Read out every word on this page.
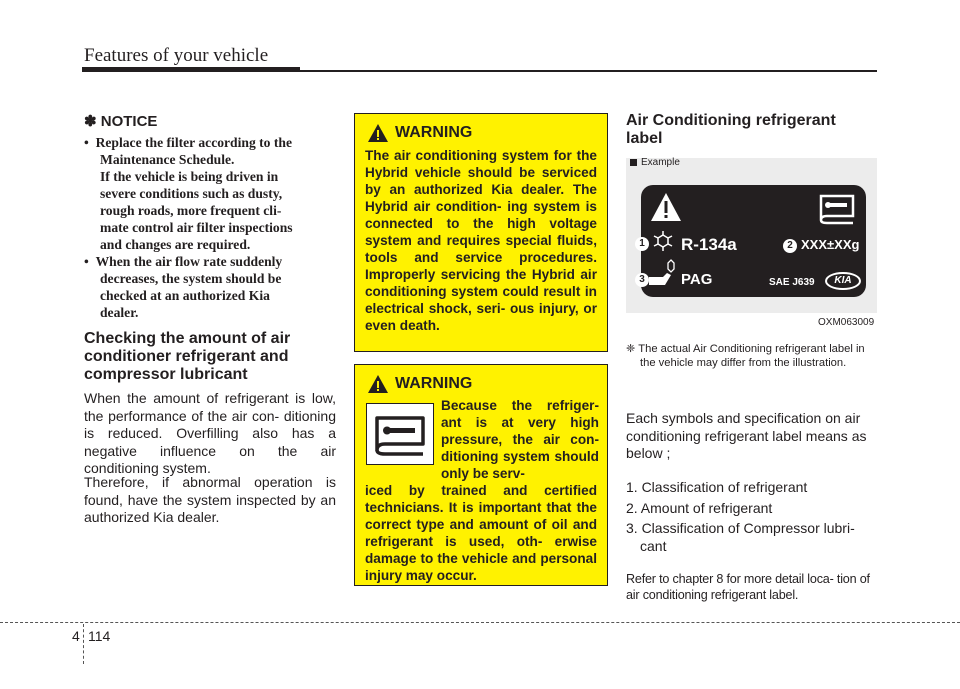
Features of your vehicle
✽ NOTICE
• Replace the filter according to the
Maintenance Schedule.
If the vehicle is being driven in
severe conditions such as dusty,
rough roads, more frequent cli-
mate control air filter inspections
and changes are required.
• When the air flow rate suddenly
decreases, the system should be
checked at an authorized Kia
dealer.
Checking the amount of air conditioner refrigerant and compressor lubricant

When the amount of refrigerant is low, the performance of the air con- ditioning is reduced. Overfilling also has a negative influence on the air conditioning system.

Therefore, if abnormal operation is found, have the system inspected by an authorized Kia dealer.

WARNING
The air conditioning system for the Hybrid vehicle should be serviced by an authorized Kia dealer. The Hybrid air condition- ing system is connected to the high voltage system and requires special fluids, tools and service procedures. Improperly servicing the Hybrid air conditioning system could result in electrical shock, seri- ous injury, or even death.
WARNING
Because the refriger- ant is at very high pressure, the air con- ditioning system should only be serv-
iced by trained and certified technicians. It is important that the correct type and amount of oil and refrigerant is used, oth- erwise damage to the vehicle and personal injury may occur.
Air Conditioning refrigerant label
Example
1	2
3
R-134a	XXX±XXg
PAG	SAE J639	KIA
OXM063009
❈ The actual Air Conditioning refrigerant label in the vehicle may differ from the illustration.
Each symbols and specification on air conditioning refrigerant label means as below ;
1. Classification of refrigerant
2. Amount of refrigerant
3. Classification of Compressor lubri- cant
Refer to chapter 8 for more detail loca- tion of air conditioning refrigerant label.
4 114
